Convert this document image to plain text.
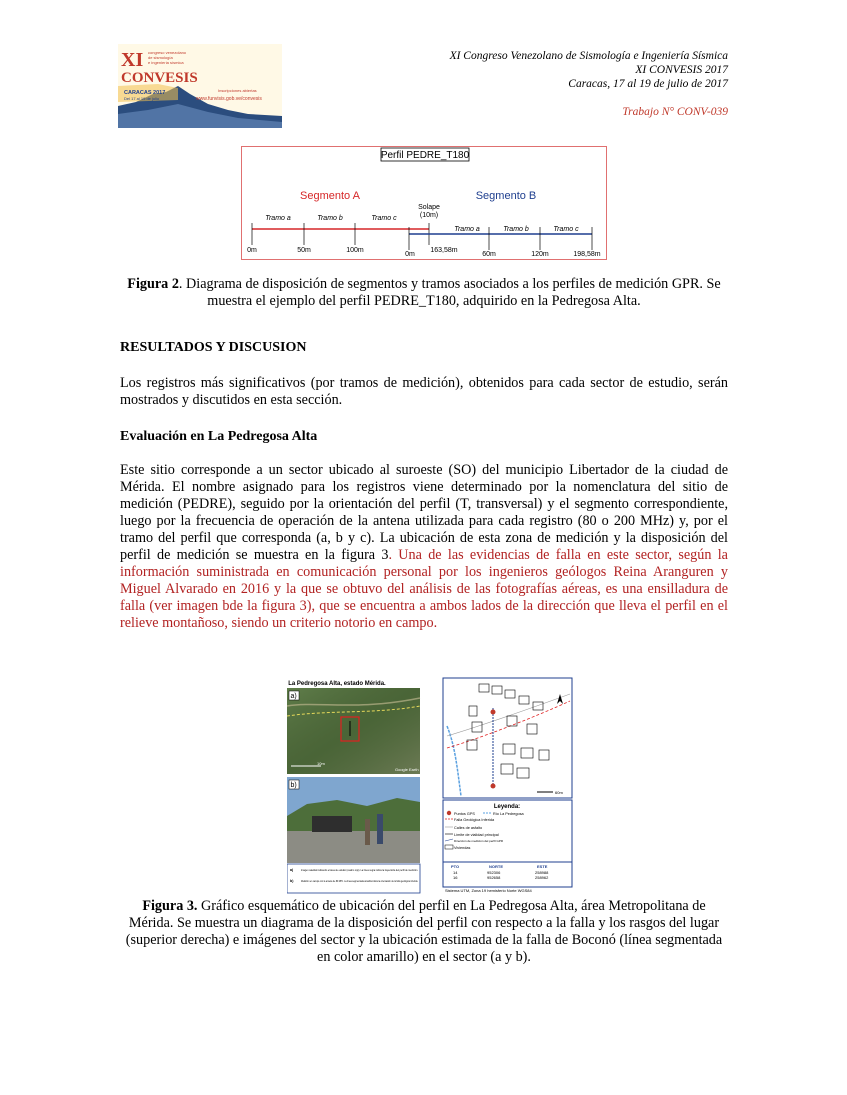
XI
CONVESIS
congreso venezolano
de sismología
e ingeniería sísmica
CARACAS 2017
Del 17 al 19 de julio
Inscripciones abiertas
www.funvisis.gob.ve/convesis
XI Congreso Venezolano de Sismología e Ingeniería Sísmica
XI CONVESIS 2017
Caracas, 17 al 19 de julio de 2017
Trabajo N° CONV-039
Perfil PEDRE_T180
Segmento A	Segmento B
Solape
(10m)
Tramo a	Tramo b	Tramo c
Tramo a	Tramo b	Tramo c
0m	50m	100m
0m
163,58m
60m	120m	198,58m
Figura 2. Diagrama de disposición de segmentos y tramos asociados a los perfiles de medición GPR. Se muestra el ejemplo del perfil PEDRE_T180, adquirido en la Pedregosa Alta.
RESULTADOS Y DISCUSION
Los registros más significativos (por tramos de medición), obtenidos para cada sector de estudio, serán mostrados y discutidos en esta sección.
Evaluación en La Pedregosa Alta
Este sitio corresponde a un sector ubicado al suroeste (SO) del municipio Libertador de la ciudad de Mérida. El nombre asignado para los registros viene determinado por la nomenclatura del sitio de medición (PEDRE), seguido por la orientación del perfil (T, transversal) y el segmento correspondiente, luego por la frecuencia de operación de la antena utilizada para cada registro (80 o 200 MHz) y, por el tramo del perfil que corresponda (a, b y c). La ubicación de esta zona de medición y la disposición del perfil de medición se muestra en la figura 3. Una de las evidencias de falla en este sector, según la información suministrada en comunicación personal por los ingenieros geólogos Reina Aranguren y Miguel Alvarado en 2016 y la que se obtuvo del análisis de las fotografías aéreas, es una ensilladura de falla (ver imagen bde la figura 3), que se encuentra a ambos lados de la dirección que lleva el perfil en el relieve montañoso, siendo un criterio notorio en campo.
La Pedregosa Alta, estado Mérida.
a)
10m
Google Earth
b)
a)	Imagen satelital indicando el área de estudio (cuadro rojo). La línea negra indica la trayectoria del perfil de medición.
b)	Medición en campo con la antena de 80 MHz. La línea segmentada amarilla indica la orientación de la falla geológica inferida.
60m
Leyenda:
Puntos GPS	Río La Pedregosa
Falla Geológica Inferida
Calles de asfalto
Límite de vialidad principal
Dirección de medición del perfil GPR
Viviendas
PTO	NORTE	ESTE
14	952306	258988
16	952658	258962
Sistema UTM, Zona 19 hemisferio Norte WGS84
Figura 3. Gráfico esquemático de ubicación del perfil en La Pedregosa Alta, área Metropolitana de Mérida. Se muestra un diagrama de la disposición del perfil con respecto a la falla y los rasgos del lugar (superior derecha) e imágenes del sector y la ubicación estimada de la falla de Boconó (línea segmentada en color amarillo) en el sector (a y b).
